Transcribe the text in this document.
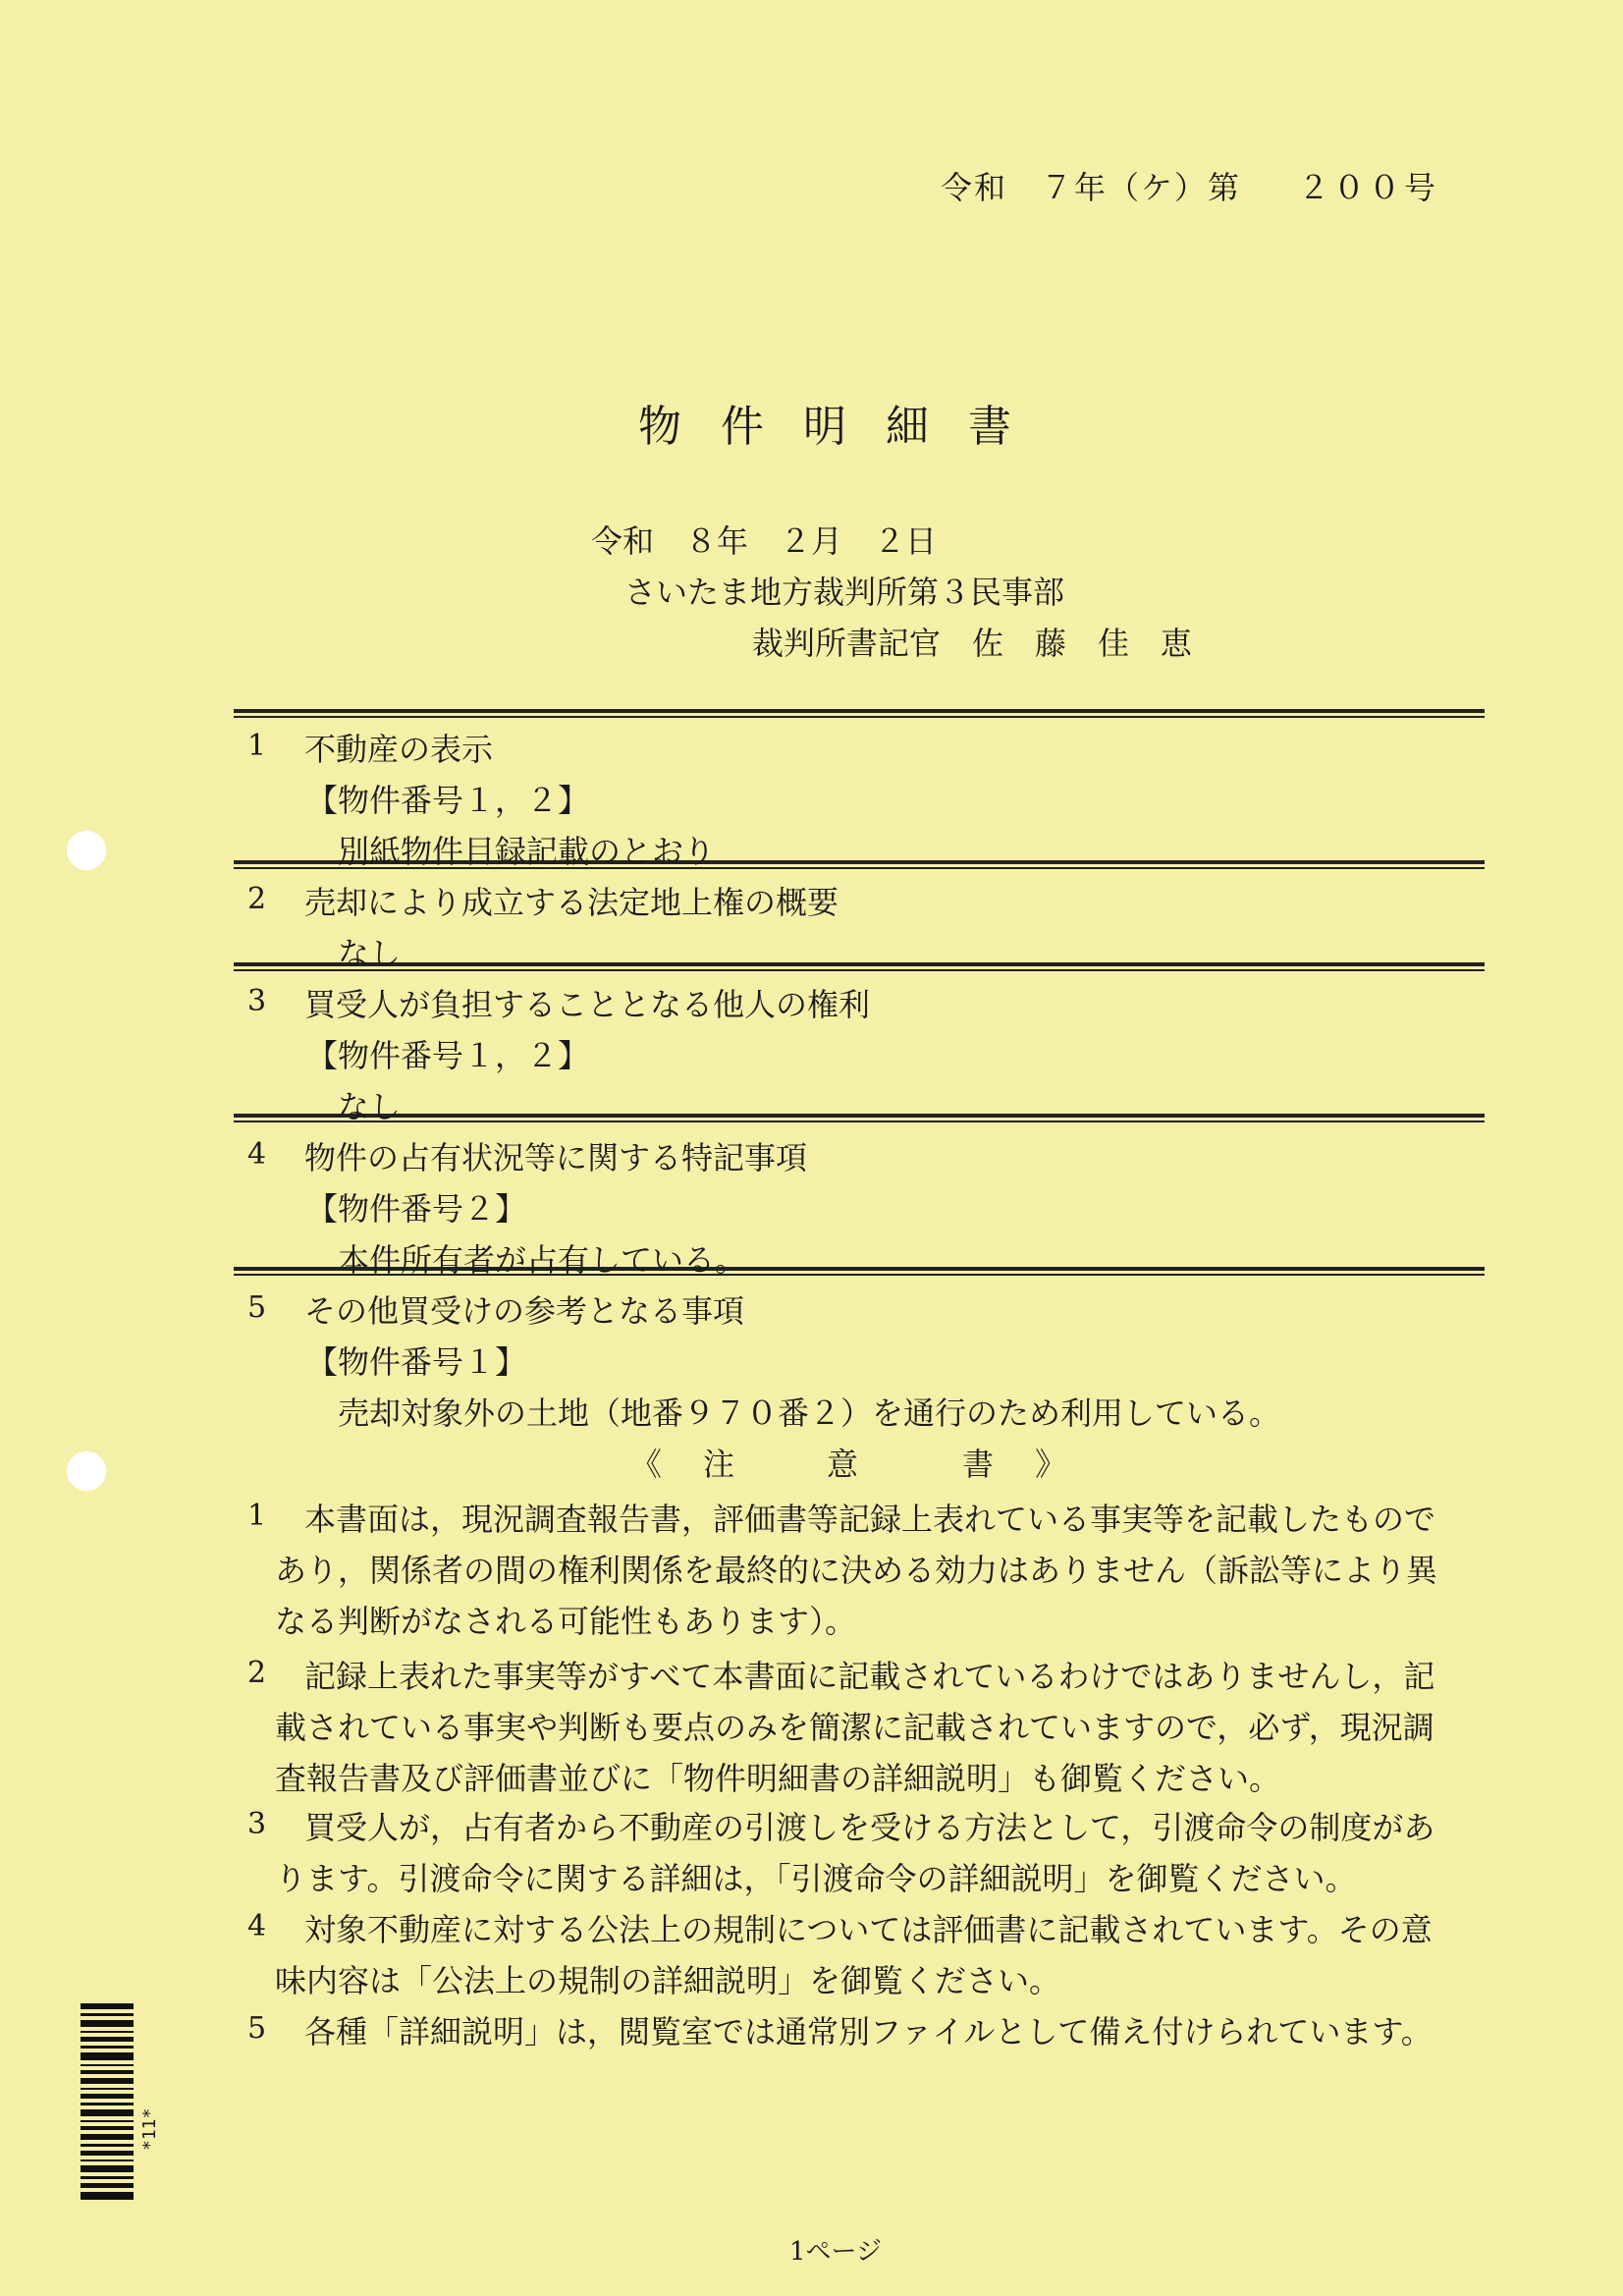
令和　７年（ケ）第 ２００号
物件明細書
令和　８年　２月　２日
さいたま地方裁判所第３民事部
裁判所書記官　佐　藤　佳　恵
1 不動産の表示
【物件番号１，２】
別紙物件目録記載のとおり
2 売却により成立する法定地上権の概要
なし
3 買受人が負担することとなる他人の権利
【物件番号１，２】
なし
4 物件の占有状況等に関する特記事項
【物件番号２】
本件所有者が占有している。
5 その他買受けの参考となる事項
【物件番号１】
売却対象外の土地（地番９７０番２）を通行のため利用している。
《 注	意	書 》
1 本書面は，現況調査報告書，評価書等記録上表れている事実等を記載したもので
あり，関係者の間の権利関係を最終的に決める効力はありません（訴訟等により異
なる判断がなされる可能性もあります）。
2 記録上表れた事実等がすべて本書面に記載されているわけではありませんし，記
載されている事実や判断も要点のみを簡潔に記載されていますので，必ず，現況調
査報告書及び評価書並びに「物件明細書の詳細説明」も御覧ください。
3 買受人が，占有者から不動産の引渡しを受ける方法として，引渡命令の制度があ
ります。引渡命令に関する詳細は，「引渡命令の詳細説明」を御覧ください。
4 対象不動産に対する公法上の規制については評価書に記載されています。その意
味内容は「公法上の規制の詳細説明」を御覧ください。
5 各種「詳細説明」は，閲覧室では通常別ファイルとして備え付けられています。
*11*
1ページ
